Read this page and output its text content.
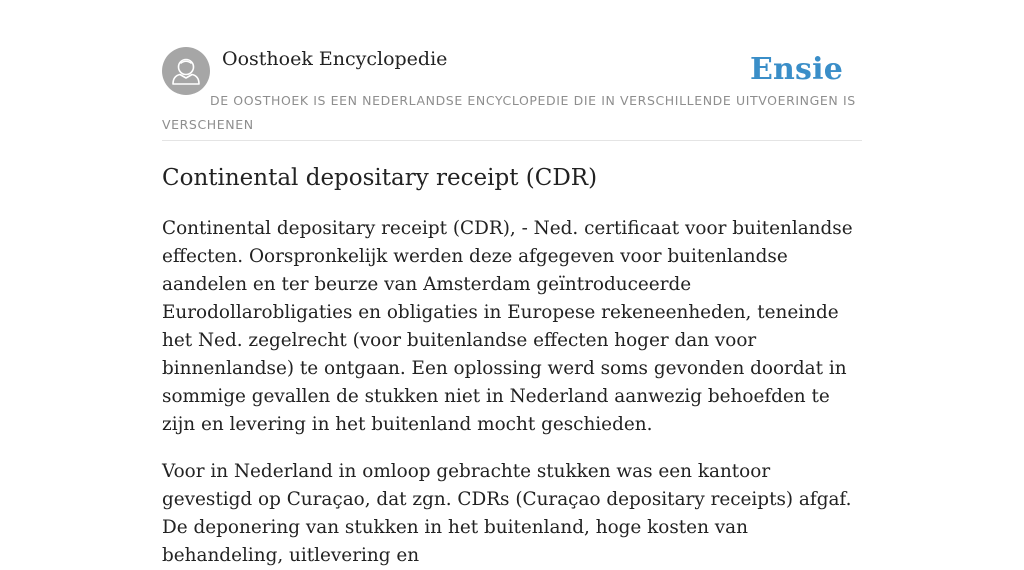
Oosthoek Encyclopedie	Ensie
DE OOSTHOEK IS EEN NEDERLANDSE ENCYCLOPEDIE DIE IN VERSCHILLENDE UITVOERINGEN IS VERSCHENEN
Continental depositary receipt (CDR)

Continental depositary receipt (CDR), - Ned. certificaat voor buitenlandse effecten. Oorspronkelijk werden deze afgegeven voor buitenlandse aandelen en ter beurze van Amsterdam geïntroduceerde Eurodollarobligaties en obligaties in Europese rekeneenheden, teneinde het Ned. zegelrecht (voor buitenlandse effecten hoger dan voor binnenlandse) te ontgaan. Een oplossing werd soms gevonden doordat in sommige gevallen de stukken niet in Nederland aanwezig behoefden te zijn en levering in het buitenland mocht geschieden.

Voor in Nederland in omloop gebrachte stukken was een kantoor gevestigd op Curaçao, dat zgn. CDRs (Curaçao depositary receipts) afgaf. De deponering van stukken in het buitenland, hoge kosten van behandeling, uitlevering en
